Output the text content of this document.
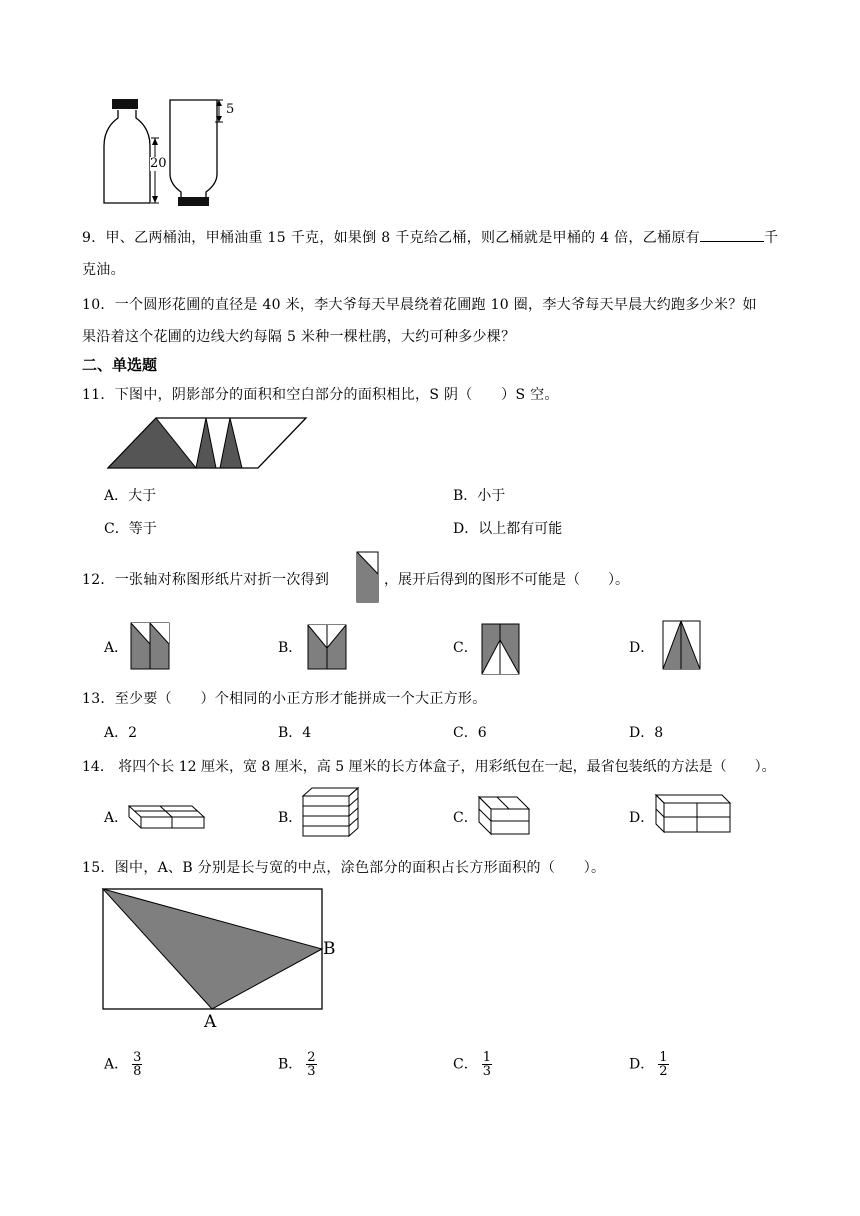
20
5
9．甲、乙两桶油，甲桶油重 15 千克，如果倒 8 千克给乙桶，则乙桶就是甲桶的 4 倍，乙桶原有	千
克油。
10．一个圆形花圃的直径是 40 米，李大爷每天早晨绕着花圃跑 10 圈，李大爷每天早晨大约跑多少米？如
果沿着这个花圃的边线大约每隔 5 米种一棵杜鹃，大约可种多少棵？
二、单选题
11．下图中，阴影部分的面积和空白部分的面积相比，S 阴（　　）S 空。
A．大于	B．小于
C．等于	D．以上都有可能
12．一张轴对称图形纸片对折一次得到	，展开后得到的图形不可能是（　　）。
A．	B．	C．	D．
13．至少要（　　）个相同的小正方形才能拼成一个大正方形。
A．2	B．4	C．6	D．8
14． 将四个长 12 厘米，宽 8 厘米，高 5 厘米的长方体盒子，用彩纸包在一起，最省包装纸的方法是（　　）。
A．	B．	C．	D．
15．图中，A、B 分别是长与宽的中点，涂色部分的面积占长方形面积的（　　）。
B
A
A． $\frac{3}{8}$	B． $\frac{2}{3}$	C． $\frac{1}{3}$	D． $\frac{1}{2}$
